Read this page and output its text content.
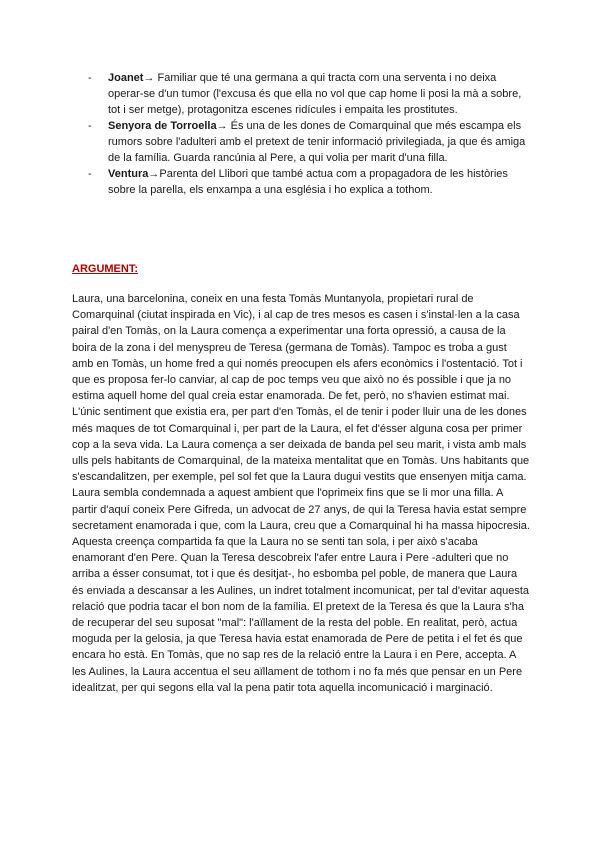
- Joanet→ Familiar que té una germana a qui tracta com una serventa i no deixa operar-se d'un tumor (l'excusa és que ella no vol que cap home li posi la mà a sobre, tot i ser metge), protagonitza escenes ridícules i empaita les prostitutes.
- Senyora de Torroella→ És una de les dones de Comarquinal que més escampa els rumors sobre l'adulteri amb el pretext de tenir informació privilegiada, ja que és amiga de la família. Guarda rancúnia al Pere, a qui volia per marit d'una filla.
- Ventura→Parenta del Llibori que també actua com a propagadora de les històries sobre la parella, els enxampa a una església i ho explica a tothom.
ARGUMENT:

Laura, una barcelonina, coneix en una festa Tomàs Muntanyola, propietari rural de Comarquinal (ciutat inspirada en Vic), i al cap de tres mesos es casen i s'instal·len a la casa pairal d'en Tomàs, on la Laura comença a experimentar una forta opressió, a causa de la boira de la zona i del menyspreu de Teresa (germana de Tomàs). Tampoc es troba a gust amb en Tomàs, un home fred a qui només preocupen els afers econòmics i l'ostentació. Tot i que es proposa fer-lo canviar, al cap de poc temps veu que això no és possible i que ja no estima aquell home del qual creia estar enamorada. De fet, però, no s'havien estimat mai. L'únic sentiment que existia era, per part d'en Tomàs, el de tenir i poder lluir una de les dones més maques de tot Comarquinal i, per part de la Laura, el fet d'ésser alguna cosa per primer cop a la seva vida. La Laura comença a ser deixada de banda pel seu marit, i vista amb mals ulls pels habitants de Comarquinal, de la mateixa mentalitat que en Tomàs. Uns habitants que s'escandalitzen, per exemple, pel sol fet que la Laura dugui vestits que ensenyen mitja cama.

Laura sembla condemnada a aquest ambient que l'oprimeix fins que se li mor una filla. A partir d'aquí coneix Pere Gifreda, un advocat de 27 anys, de qui la Teresa havia estat sempre secretament enamorada i que, com la Laura, creu que a Comarquinal hi ha massa hipocresia. Aquesta creença compartida fa que la Laura no se senti tan sola, i per això s'acaba enamorant d'en Pere. Quan la Teresa descobreix l'afer entre Laura i Pere -adulteri que no arriba a ésser consumat, tot i que és desitjat-, ho esbomba pel poble, de manera que Laura és enviada a descansar a les Aulines, un indret totalment incomunicat, per tal d'evitar aquesta relació que podria tacar el bon nom de la família. El pretext de la Teresa és que la Laura s'ha de recuperar del seu suposat "mal": l'aïllament de la resta del poble. En realitat, però, actua moguda per la gelosia, ja que Teresa havia estat enamorada de Pere de petita i el fet és que encara ho està. En Tomàs, que no sap res de la relació entre la Laura i en Pere, accepta. A les Aulines, la Laura accentua el seu aïllament de tothom i no fa més que pensar en un Pere idealitzat, per qui segons ella val la pena patir tota aquella incomunicació i marginació.
